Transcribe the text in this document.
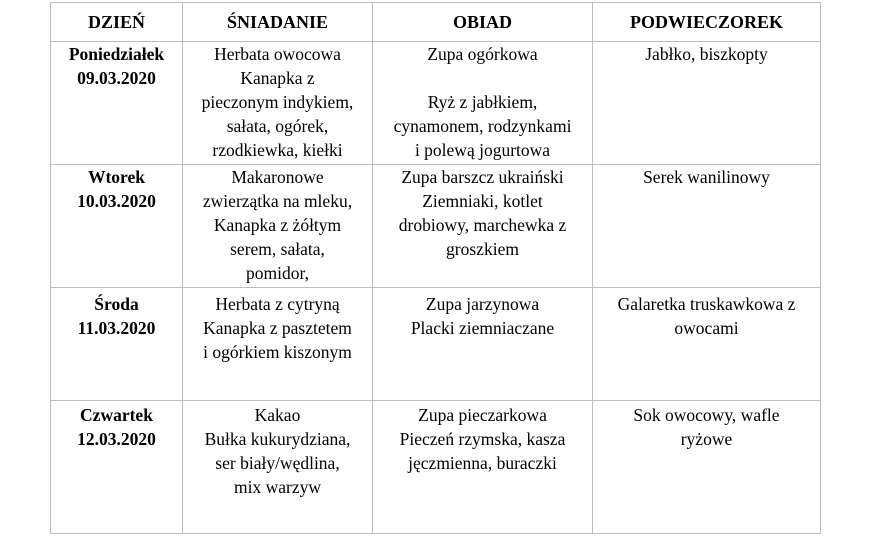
DZIEŃ	ŚNIADANIE	OBIAD	PODWIECZOREK

Poniedziałek
09.03.2020	Herbata owocowa
Kanapka z
pieczonym indykiem,
sałata, ogórek,
rzodkiewka, kiełki	Zupa ogórkowa
Ryż z jabłkiem,
cynamonem, rodzynkami
i polewą jogurtowa	Jabłko, biszkopty

Wtorek
10.03.2020	Makaronowe
zwierzątka na mleku,
Kanapka z żółtym
serem, sałata,
pomidor,	Zupa barszcz ukraiński
Ziemniaki, kotlet
drobiowy, marchewka z
groszkiem	Serek wanilinowy

Środa
11.03.2020	Herbata z cytryną
Kanapka z pasztetem
i ogórkiem kiszonym	Zupa jarzynowa
Placki ziemniaczane	Galaretka truskawkowa z
owocami

Czwartek
12.03.2020	Kakao
Bułka kukurydziana,
ser biały/wędlina,
mix warzyw	Zupa pieczarkowa
Pieczeń rzymska, kasza
jęczmienna, buraczki	Sok owocowy, wafle
ryżowe
